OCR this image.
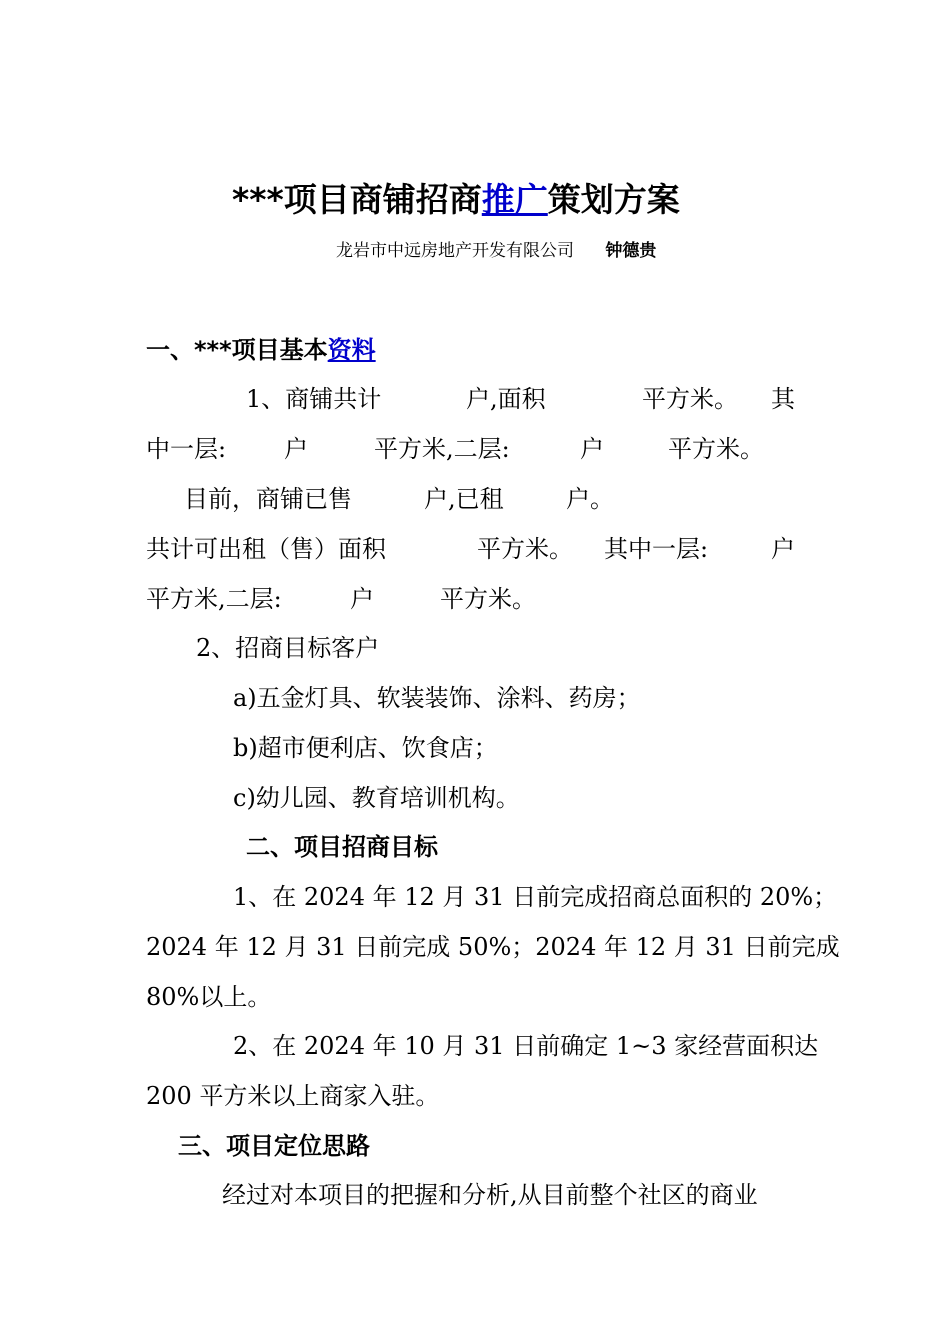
***项目商铺招商推广策划方案
龙岩市中远房地产开发有限公司 钟德贵
一、***项目基本资料
1、商铺共计	户,面积	平方米。 其
中一层: 户	平方米,二层:	户	平方米。
目前，商铺已售	户,已租	户。
共计可出租（售）面积	平方米。 其中一层:	户
平方米,二层:	户	平方米。
2、招商目标客户
a)五金灯具、软装装饰、涂料、药房；
b)超市便利店、饮食店；
c)幼儿园、教育培训机构。
二、项目招商目标
1、在 2024 年 12 月 31 日前完成招商总面积的 20%；
2024 年 12 月 31 日前完成 50%；2024 年 12 月 31 日前完成
80%以上。
2、在 2024 年 10 月 31 日前确定 1~3 家经营面积达
200 平方米以上商家入驻。
三、项目定位思路
经过对本项目的把握和分析,从目前整个社区的商业
